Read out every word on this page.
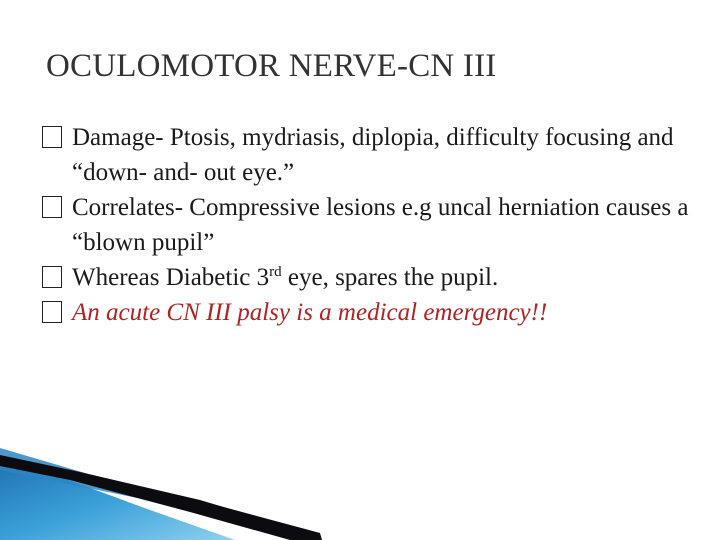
OCULOMOTOR NERVE-CN III

Damage- Ptosis, mydriasis, diplopia, difficulty focusing and “down- and- out eye.”

Correlates- Compressive lesions e.g uncal herniation causes a “blown pupil”

Whereas Diabetic 3rd eye, spares the pupil.

An acute CN III palsy is a medical emergency!!
